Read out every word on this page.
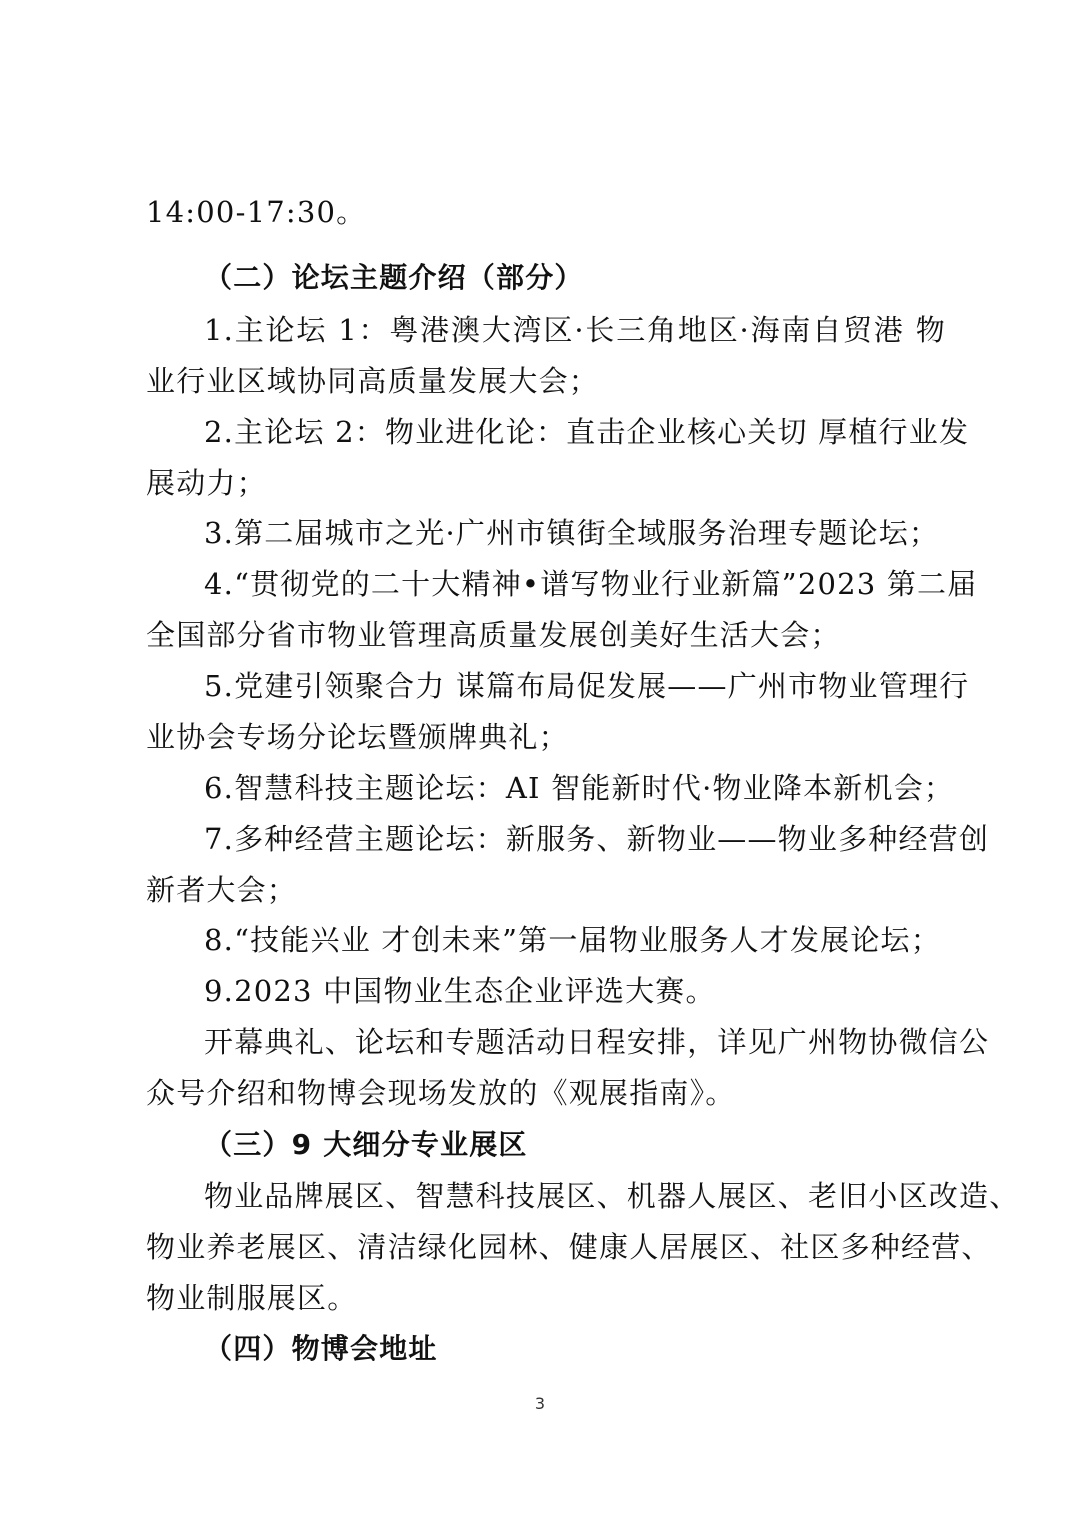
14:00-17:30。
（二）论坛主题介绍（部分）
1.主论坛 1：粤港澳大湾区·长三角地区·海南自贸港 物
业行业区域协同高质量发展大会；
2.主论坛 2：物业进化论：直击企业核心关切 厚植行业发
展动力；
3.第二届城市之光·广州市镇街全域服务治理专题论坛；
4.“贯彻党的二十大精神•谱写物业行业新篇”2023 第二届
全国部分省市物业管理高质量发展创美好生活大会；
5.党建引领聚合力 谋篇布局促发展——广州市物业管理行
业协会专场分论坛暨颁牌典礼；
6.智慧科技主题论坛：AI 智能新时代·物业降本新机会；
7.多种经营主题论坛：新服务、新物业——物业多种经营创
新者大会；
8.“技能兴业 才创未来”第一届物业服务人才发展论坛；
9.2023 中国物业生态企业评选大赛。
开幕典礼、论坛和专题活动日程安排，详见广州物协微信公
众号介绍和物博会现场发放的《观展指南》。
（三）9 大细分专业展区
物业品牌展区、智慧科技展区、机器人展区、老旧小区改造、
物业养老展区、清洁绿化园林、健康人居展区、社区多种经营、
物业制服展区。
（四）物博会地址
3
